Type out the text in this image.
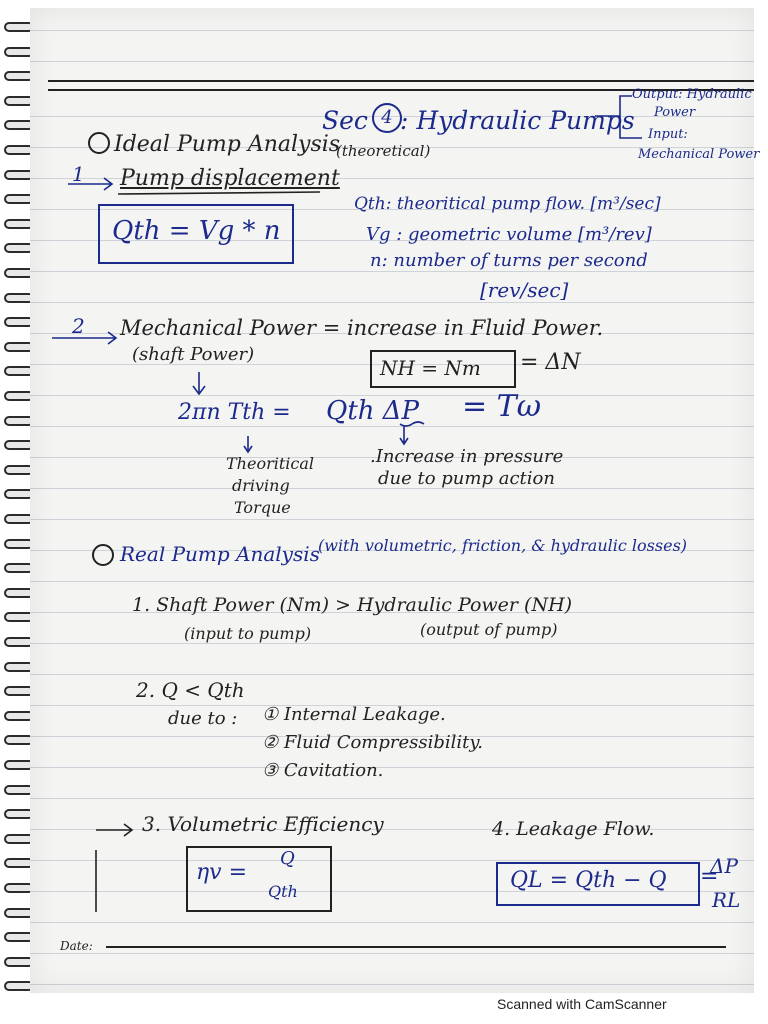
Sec 4 : Hydraulic Pumps
Output: Hydraulic
Power
Input:
Mechanical Power
Ideal Pump Analysis
(theoretical)
1 Pump displacement
Qth = Vg * n
Qth: theoritical pump flow. [m³/sec]
Vg : geometric volume [m³/rev]
n: number of turns per second
[rev/sec]
2 Mechanical Power = increase in Fluid Power.
(shaft Power)
NH = Nm = ΔN
2πn Tth = Qth ΔP = Tω
Theoritical
driving
Torque
.Increase in pressure
due to pump action
Real Pump Analysis
(with volumetric, friction, & hydraulic losses)
1. Shaft Power (Nm) > Hydraulic Power (NH)
(input to pump)	(output of pump)
2. Q < Qth
due to : ① Internal Leakage.
② Fluid Compressibility.
③ Cavitation.
3. Volumetric Efficiency
ηv =
Q
Qth
4. Leakage Flow.
QL = Qth − Q =
ΔP
RL
Date:
Scanned with CamScanner
